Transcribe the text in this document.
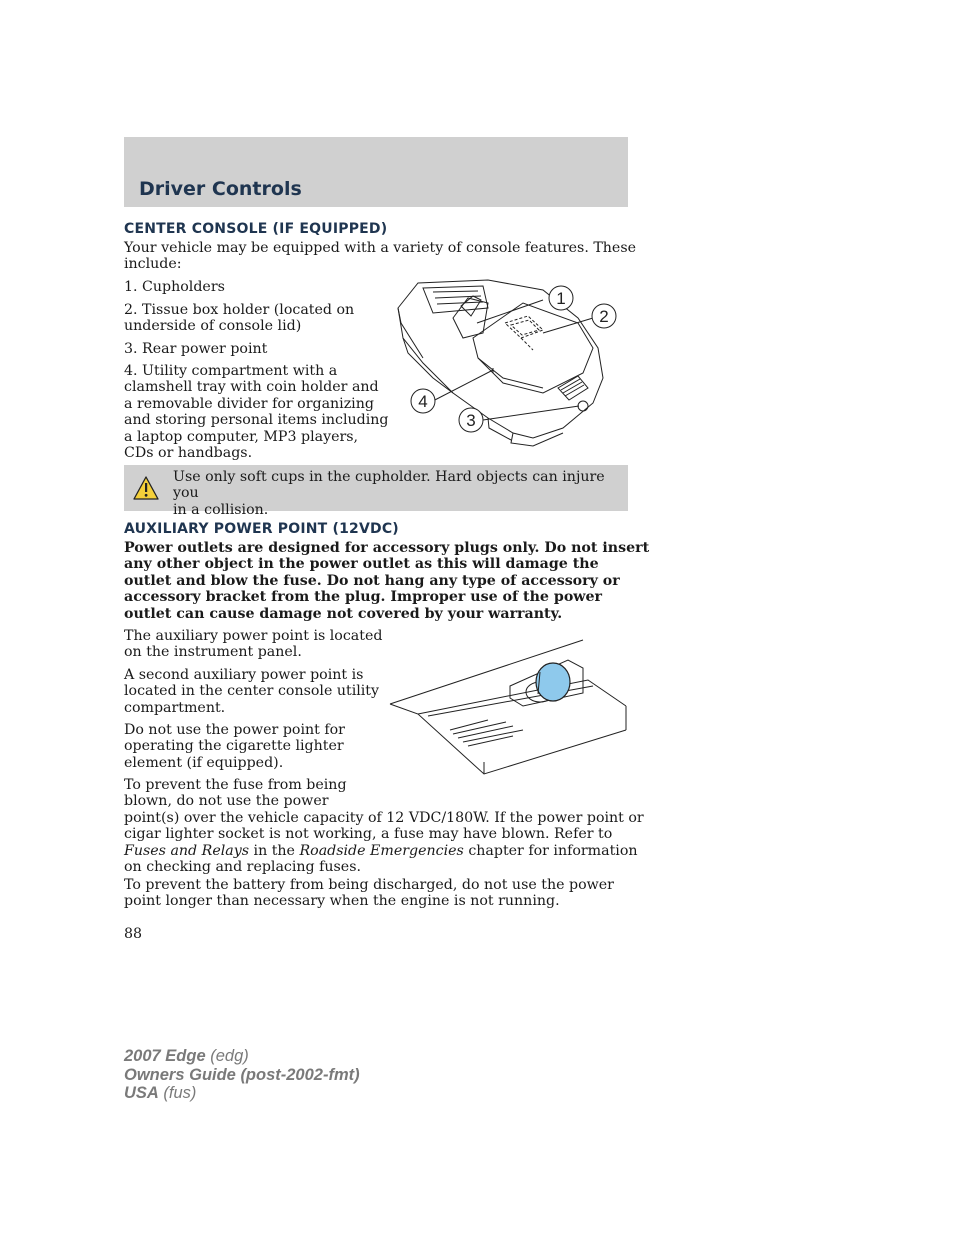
Driver Controls
CENTER CONSOLE (IF EQUIPPED)
Your vehicle may be equipped with a variety of console features. These
include:
1. Cupholders
2. Tissue box holder (located on
underside of console lid)
3. Rear power point
4. Utility compartment with a
clamshell tray with coin holder and
a removable divider for organizing
and storing personal items including
a laptop computer, MP3 players,
CDs or handbags.
1
2
3
4
Use only soft cups in the cupholder. Hard objects can injure you
in a collision.
AUXILIARY POWER POINT (12VDC)
Power outlets are designed for accessory plugs only. Do not insert
any other object in the power outlet as this will damage the
outlet and blow the fuse. Do not hang any type of accessory or
accessory bracket from the plug. Improper use of the power
outlet can cause damage not covered by your warranty.
The auxiliary power point is located
on the instrument panel.
A second auxiliary power point is
located in the center console utility
compartment.
Do not use the power point for
operating the cigarette lighter
element (if equipped).
To prevent the fuse from being
blown, do not use the power
point(s) over the vehicle capacity of 12 VDC/180W. If the power point or
cigar lighter socket is not working, a fuse may have blown. Refer to
Fuses and Relays in the Roadside Emergencies chapter for information
on checking and replacing fuses.
To prevent the battery from being discharged, do not use the power
point longer than necessary when the engine is not running.
88
2007 Edge (edg)
Owners Guide (post-2002-fmt)
USA (fus)
